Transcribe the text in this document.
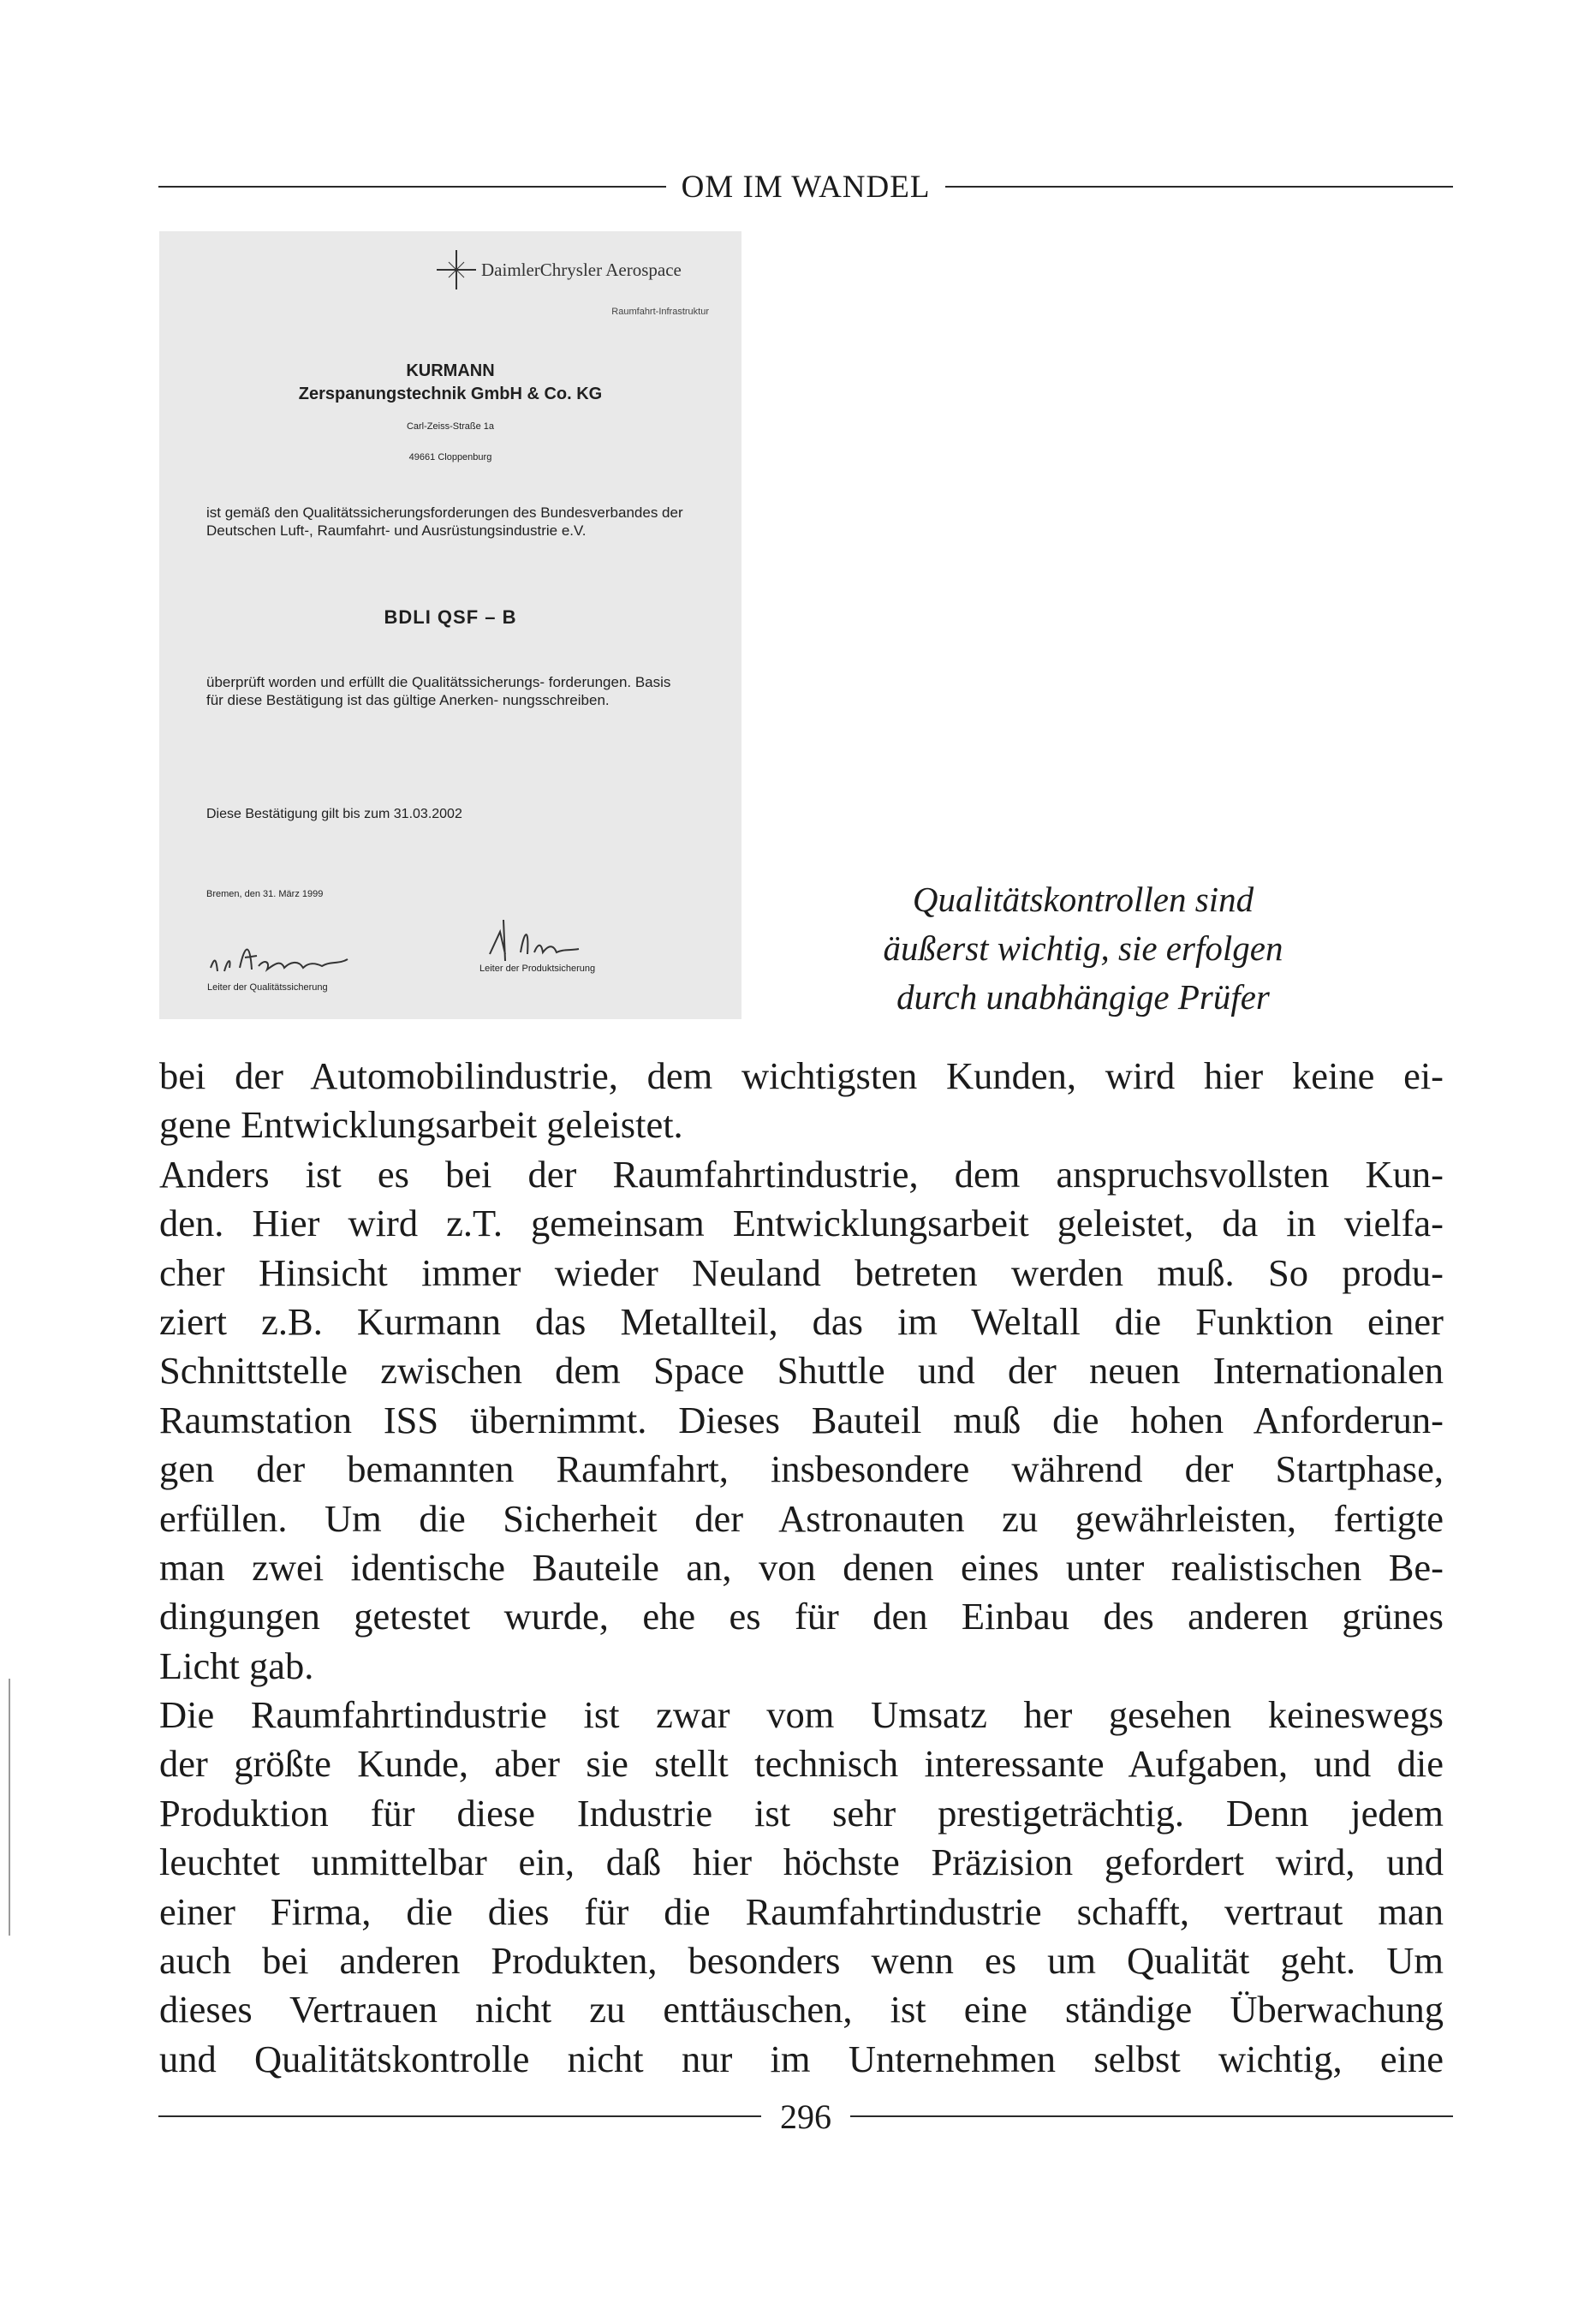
OM IM WANDEL
DaimlerChrysler Aerospace
Raumfahrt-Infrastruktur
KURMANN
Zerspanungstechnik GmbH & Co. KG
Carl-Zeiss-Straße 1a
49661 Cloppenburg
ist gemäß den Qualitätssicherungsforderungen des Bundesverbandes der Deutschen Luft-, Raumfahrt- und Ausrüstungsindustrie e.V.
BDLI QSF – B
überprüft worden und erfüllt die Qualitätssicherungs- forderungen. Basis für diese Bestätigung ist das gültige Anerken- nungsschreiben.
Diese Bestätigung gilt bis zum 31.03.2002
Bremen, den 31. März 1999
Leiter der Qualitätssicherung
Leiter der Produktsicherung
Qualitätskontrollen sind
äußerst wichtig, sie erfolgen
durch unabhängige Prüfer
bei der Automobilindustrie, dem wichtigsten Kunden, wird hier keine ei-
gene Entwicklungsarbeit geleistet.
Anders ist es bei der Raumfahrtindustrie, dem anspruchsvollsten Kun-
den. Hier wird z.T. gemeinsam Entwicklungsarbeit geleistet, da in vielfa-
cher Hinsicht immer wieder Neuland betreten werden muß. So produ-
ziert z.B. Kurmann das Metallteil, das im Weltall die Funktion einer
Schnittstelle zwischen dem Space Shuttle und der neuen Internationalen
Raumstation ISS übernimmt. Dieses Bauteil muß die hohen Anforderun-
gen der bemannten Raumfahrt, insbesondere während der Startphase,
erfüllen. Um die Sicherheit der Astronauten zu gewährleisten, fertigte
man zwei identische Bauteile an, von denen eines unter realistischen Be-
dingungen getestet wurde, ehe es für den Einbau des anderen grünes
Licht gab.
Die Raumfahrtindustrie ist zwar vom Umsatz her gesehen keineswegs
der größte Kunde, aber sie stellt technisch interessante Aufgaben, und die
Produktion für diese Industrie ist sehr prestigeträchtig. Denn jedem
leuchtet unmittelbar ein, daß hier höchste Präzision gefordert wird, und
einer Firma, die dies für die Raumfahrtindustrie schafft, vertraut man
auch bei anderen Produkten, besonders wenn es um Qualität geht. Um
dieses Vertrauen nicht zu enttäuschen, ist eine ständige Überwachung
und Qualitätskontrolle nicht nur im Unternehmen selbst wichtig, eine
296
